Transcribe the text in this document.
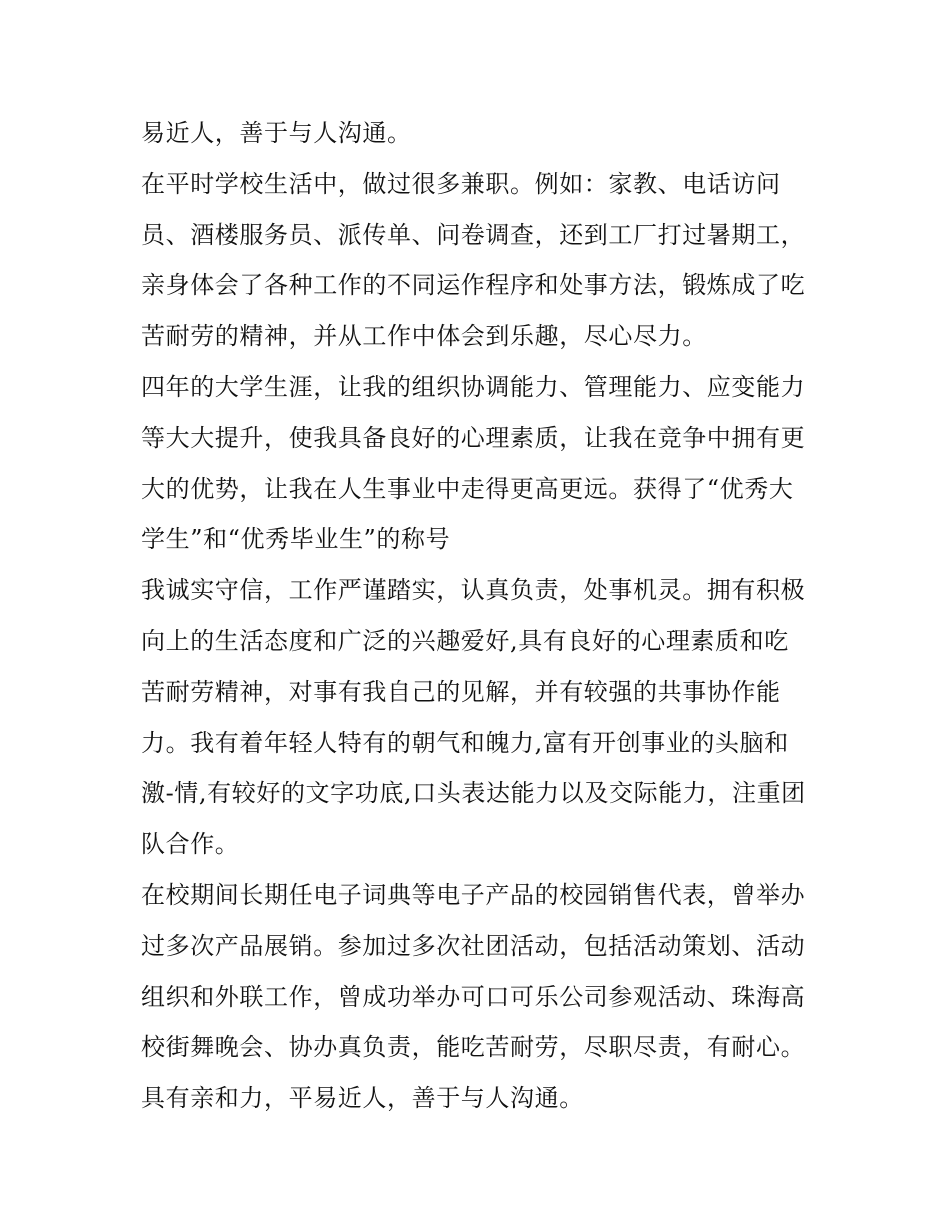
易近人，善于与人沟通。
在平时学校生活中，做过很多兼职。例如：家教、电话访问
员、酒楼服务员、派传单、问卷调查，还到工厂打过暑期工，
亲身体会了各种工作的不同运作程序和处事方法，锻炼成了吃
苦耐劳的精神，并从工作中体会到乐趣，尽心尽力。
四年的大学生涯，让我的组织协调能力、管理能力、应变能力
等大大提升，使我具备良好的心理素质，让我在竞争中拥有更
大的优势，让我在人生事业中走得更高更远。获得了“优秀大
学生”和“优秀毕业生”的称号
我诚实守信，工作严谨踏实，认真负责，处事机灵。拥有积极
向上的生活态度和广泛的兴趣爱好,具有良好的心理素质和吃
苦耐劳精神，对事有我自己的见解，并有较强的共事协作能
力。我有着年轻人特有的朝气和魄力,富有开创事业的头脑和
激-情,有较好的文字功底,口头表达能力以及交际能力，注重团
队合作。
在校期间长期任电子词典等电子产品的校园销售代表，曾举办
过多次产品展销。参加过多次社团活动，包括活动策划、活动
组织和外联工作，曾成功举办可口可乐公司参观活动、珠海高
校街舞晚会、协办真负责，能吃苦耐劳，尽职尽责，有耐心。
具有亲和力，平易近人，善于与人沟通。
